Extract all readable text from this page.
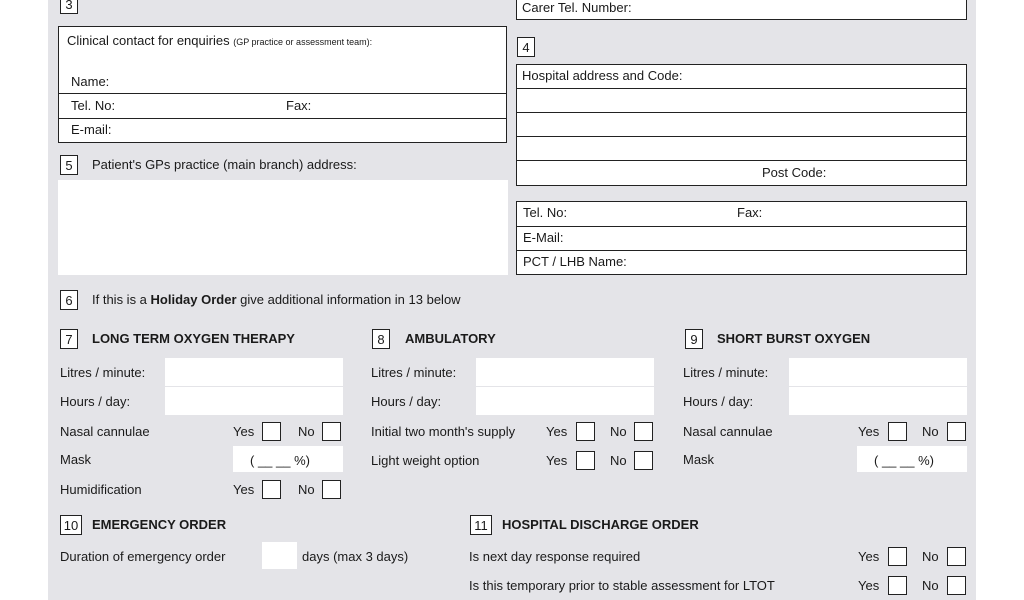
3	Carer Tel. Number:
Clinical contact for enquiries (GP practice or assessment team):
Name:
Tel. No:	Fax:
E-mail:
4
Hospital address and Code:
Post Code:
Tel. No:	Fax:
E-Mail:
PCT / LHB Name:
5	Patient's GPs practice (main branch) address:
6	If this is a Holiday Order give additional information in 13 below
7	LONG TERM OXYGEN THERAPY
Litres / minute:
Hours / day:
Nasal cannulae	Yes	No
Mask	( __ __ %)
Humidification	Yes	No
8	AMBULATORY
Litres / minute:
Hours / day:
Initial two month's supply Yes	No
Light weight option	Yes	No
9	SHORT BURST OXYGEN
Litres / minute:
Hours / day:
Nasal cannulae	Yes	No
Mask	( __ __ %)
10 EMERGENCY ORDER
Duration of emergency order	days (max 3 days)
11	HOSPITAL DISCHARGE ORDER
Is next day response required	Yes	No
Is this temporary prior to stable assessment for LTOT	Yes	No
